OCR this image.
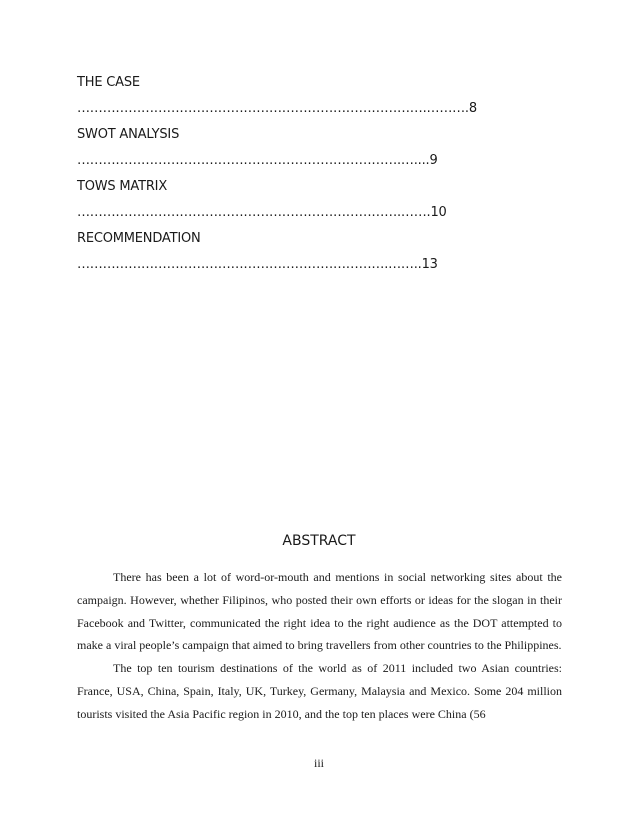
THE CASE
……………………………………………………………………….……….8
SWOT ANALYSIS
………………………………………………………………….…....9
TOWS MATRIX
………………………………………………………………….…….10
RECOMMENDATION
……………………………………………………………….……..13
ABSTRACT

There has been a lot of word-or-mouth and mentions in social networking sites about the campaign. However, whether Filipinos, who posted their own efforts or ideas for the slogan in their Facebook and Twitter, communicated the right idea to the right audience as the DOT attempted to make a viral people’s campaign that aimed to bring travellers from other countries to the Philippines.

The top ten tourism destinations of the world as of 2011 included two Asian countries: France, USA, China, Spain, Italy, UK, Turkey, Germany, Malaysia and Mexico. Some 204 million tourists visited the Asia Pacific region in 2010, and the top ten places were China (56

iii
